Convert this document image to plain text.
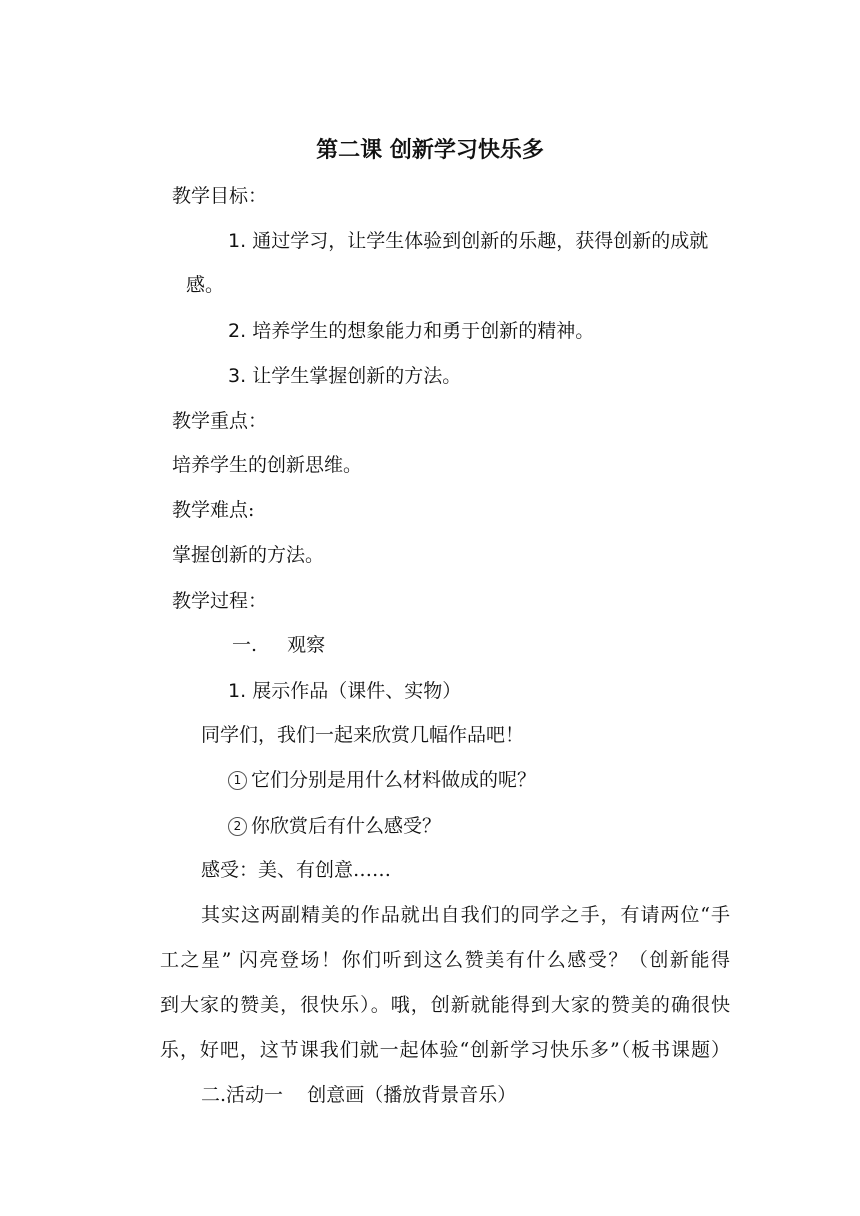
第二课 创新学习快乐多
教学目标：
1. 通过学习，让学生体验到创新的乐趣，获得创新的成就
感。
2. 培养学生的想象能力和勇于创新的精神。
3. 让学生掌握创新的方法。
教学重点：
培养学生的创新思维。
教学难点:
掌握创新的方法。
教学过程：
一. 观察
1. 展示作品（课件、实物）
同学们，我们一起来欣赏几幅作品吧！
1 它们分别是用什么材料做成的呢？
2 你欣赏后有什么感受？
感受：美、有创意……
其实这两副精美的作品就出自我们的同学之手，有请两位“手
工之星” 闪亮登场！你们听到这么赞美有什么感受？（创新能得
到大家的赞美，很快乐）。哦，创新就能得到大家的赞美的确很快
乐，好吧，这节课我们就一起体验“创新学习快乐多”（板书课题）
二.活动一    创意画（播放背景音乐）
